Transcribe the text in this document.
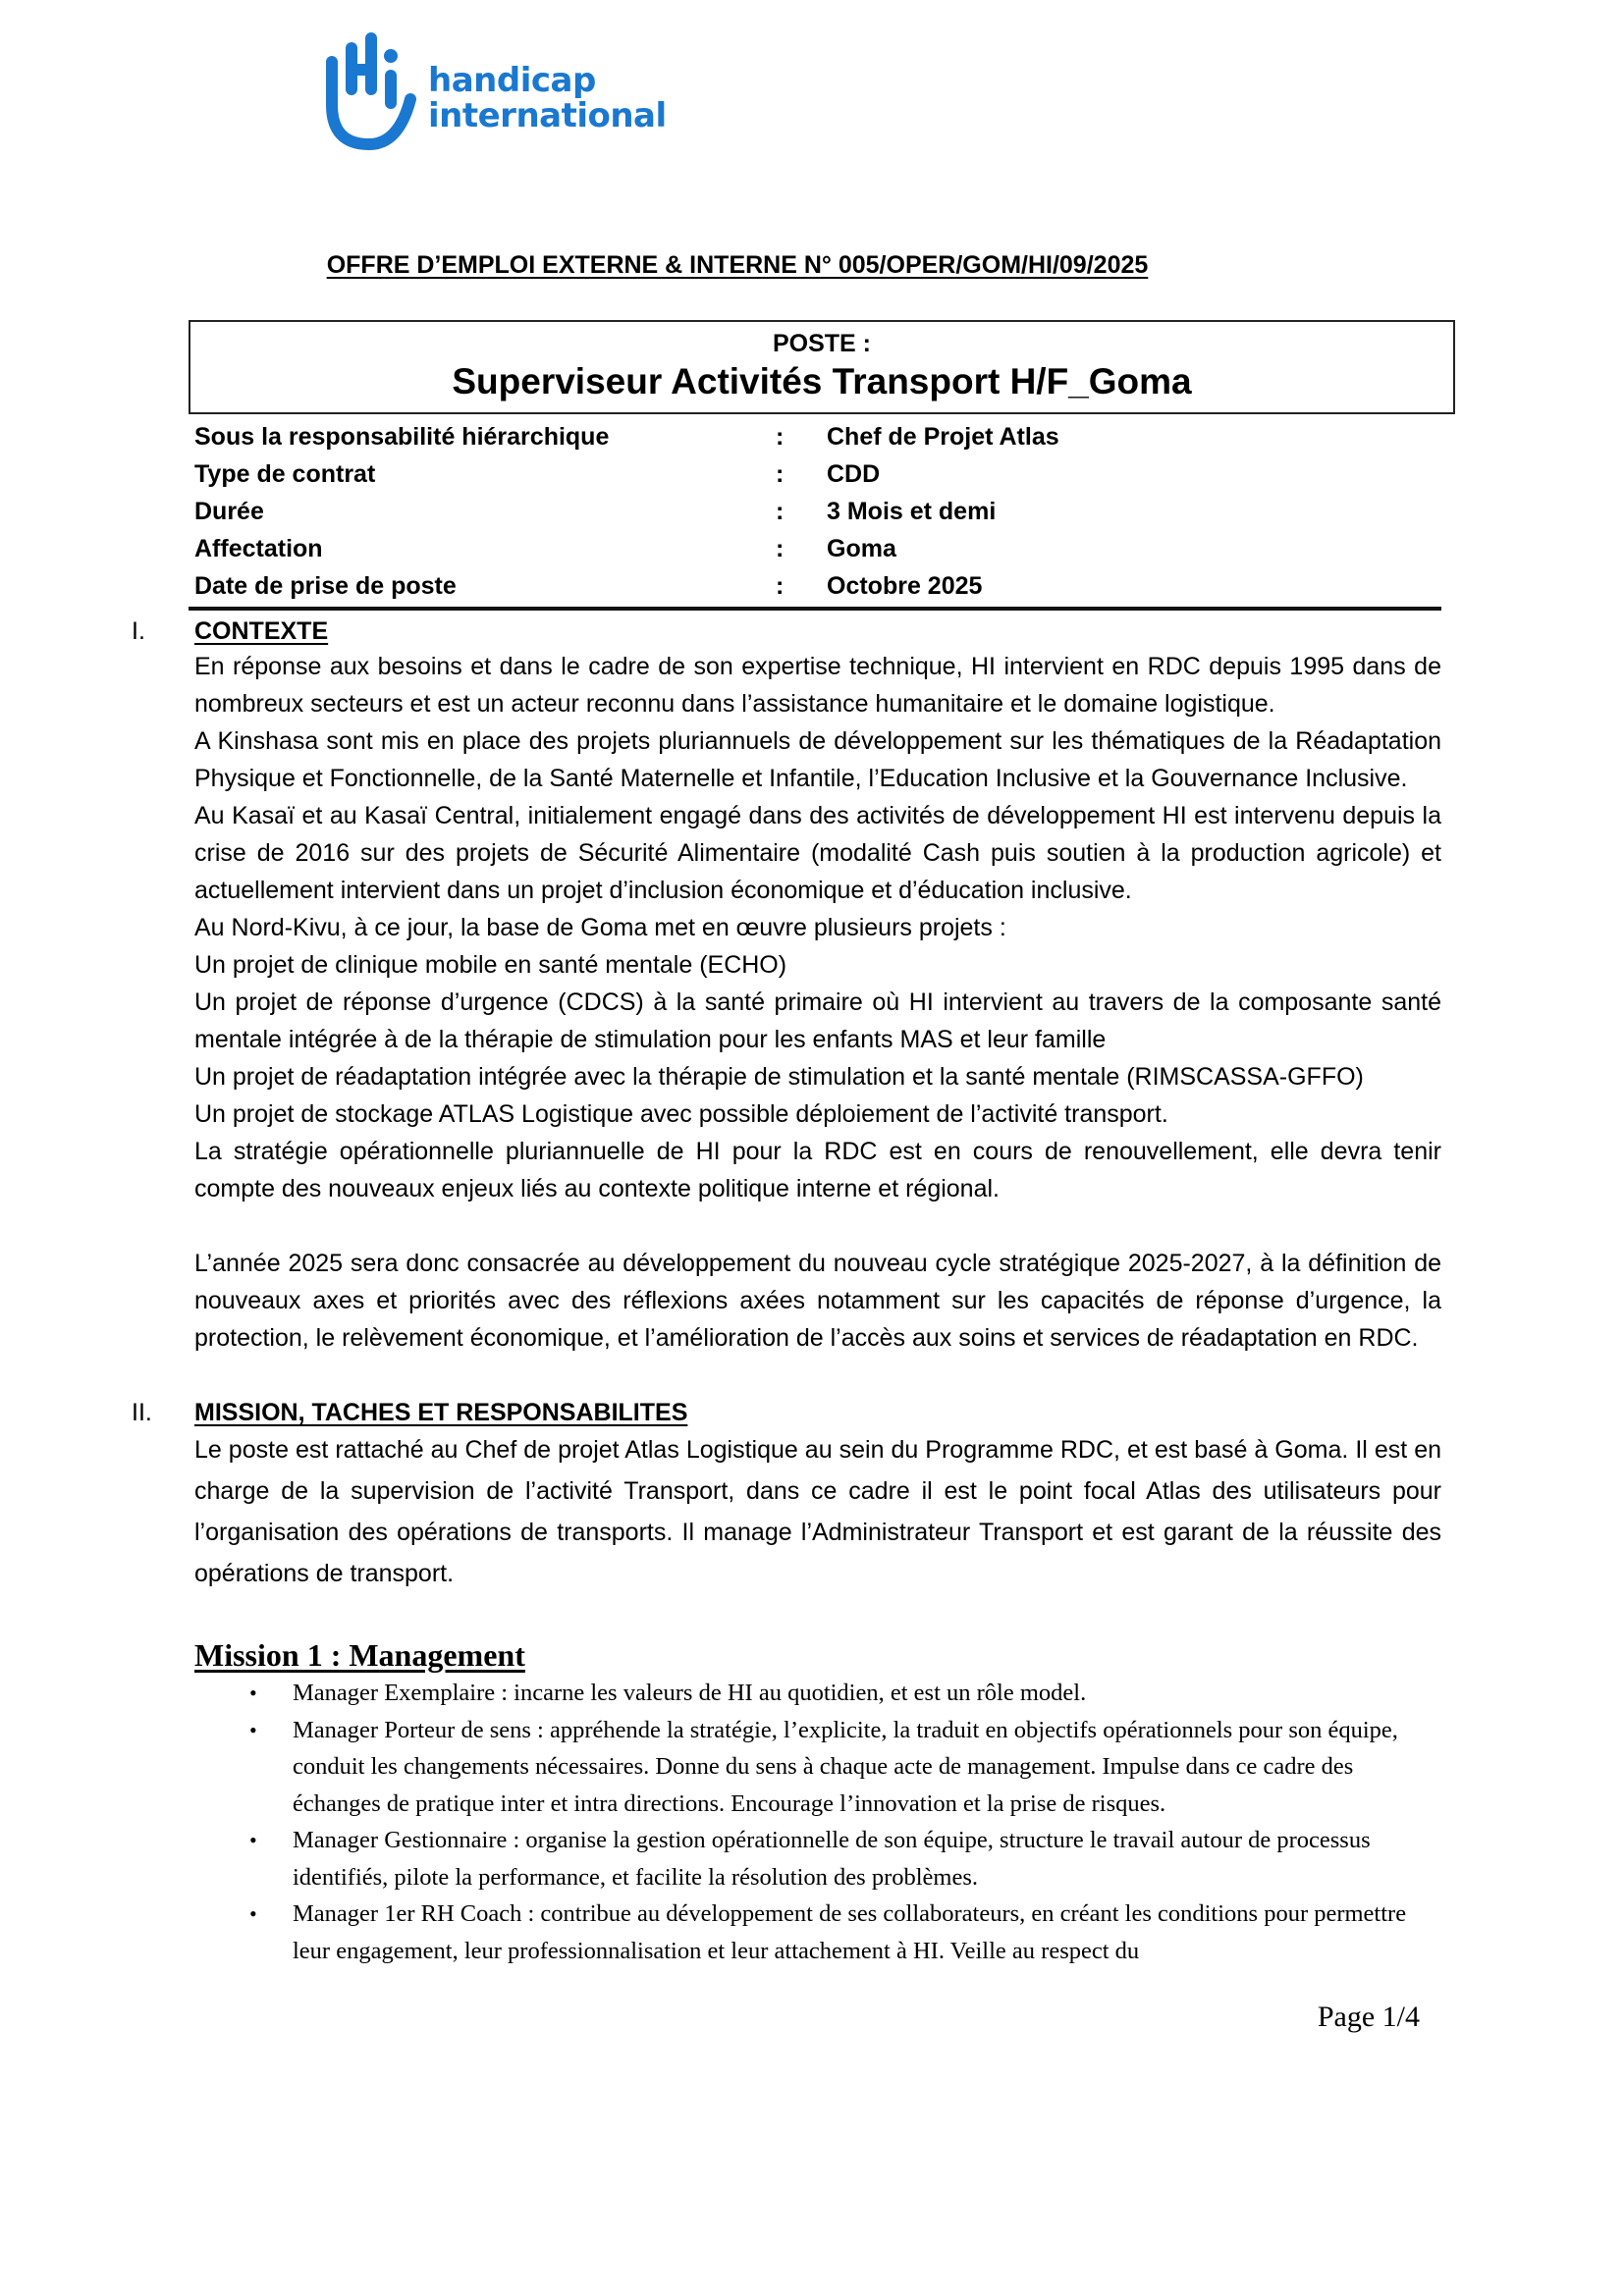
handicap
international
OFFRE D’EMPLOI EXTERNE & INTERNE N° 005/OPER/GOM/HI/09/2025
POSTE :
Superviseur Activités Transport H/F_Goma
Sous la responsabilité hiérarchique	:	Chef de Projet Atlas
Type de contrat	:	CDD
Durée	:	3 Mois et demi
Affectation	:	Goma
Date de prise de poste	:	Octobre 2025
I.	CONTEXTE

En réponse aux besoins et dans le cadre de son expertise technique, HI intervient en RDC depuis 1995 dans de nombreux secteurs et est un acteur reconnu dans l’assistance humanitaire et le domaine logistique.

A Kinshasa sont mis en place des projets pluriannuels de développement sur les thématiques de la Réadaptation Physique et Fonctionnelle, de la Santé Maternelle et Infantile, l’Education Inclusive et la Gouvernance Inclusive.

Au Kasaï et au Kasaï Central, initialement engagé dans des activités de développement HI est intervenu depuis la crise de 2016 sur des projets de Sécurité Alimentaire (modalité Cash puis soutien à la production agricole) et actuellement intervient dans un projet d’inclusion économique et d’éducation inclusive.

Au Nord-Kivu, à ce jour, la base de Goma met en œuvre plusieurs projets :

Un projet de clinique mobile en santé mentale (ECHO)

Un projet de réponse d’urgence (CDCS) à la santé primaire où HI intervient au travers de la composante santé mentale intégrée à de la thérapie de stimulation pour les enfants MAS et leur famille

Un projet de réadaptation intégrée avec la thérapie de stimulation et la santé mentale (RIMSCASSA-GFFO)

Un projet de stockage ATLAS Logistique avec possible déploiement de l’activité transport.

La stratégie opérationnelle pluriannuelle de HI pour la RDC est en cours de renouvellement, elle devra tenir compte des nouveaux enjeux liés au contexte politique interne et régional.

L’année 2025 sera donc consacrée au développement du nouveau cycle stratégique 2025-2027, à la définition de nouveaux axes et priorités avec des réflexions axées notamment sur les capacités de réponse d’urgence, la protection, le relèvement économique, et l’amélioration de l’accès aux soins et services de réadaptation en RDC.

II.	MISSION, TACHES ET RESPONSABILITES

Le poste est rattaché au Chef de projet Atlas Logistique au sein du Programme RDC, et est basé à Goma. Il est en charge de la supervision de l’activité Transport, dans ce cadre il est le point focal Atlas des utilisateurs pour l’organisation des opérations de transports. Il manage l’Administrateur Transport et est garant de la réussite des opérations de transport.

Mission 1 : Management
• Manager Exemplaire : incarne les valeurs de HI au quotidien, et est un rôle model.
• Manager Porteur de sens : appréhende la stratégie, l’explicite, la traduit en objectifs opérationnels pour son équipe, conduit les changements nécessaires. Donne du sens à chaque acte de management. Impulse dans ce cadre des échanges de pratique inter et intra directions. Encourage l’innovation et la prise de risques.
• Manager Gestionnaire : organise la gestion opérationnelle de son équipe, structure le travail autour de processus identifiés, pilote la performance, et facilite la résolution des problèmes.
• Manager 1er RH Coach : contribue au développement de ses collaborateurs, en créant les conditions pour permettre leur engagement, leur professionnalisation et leur attachement à HI. Veille au respect du
Page 1/4
